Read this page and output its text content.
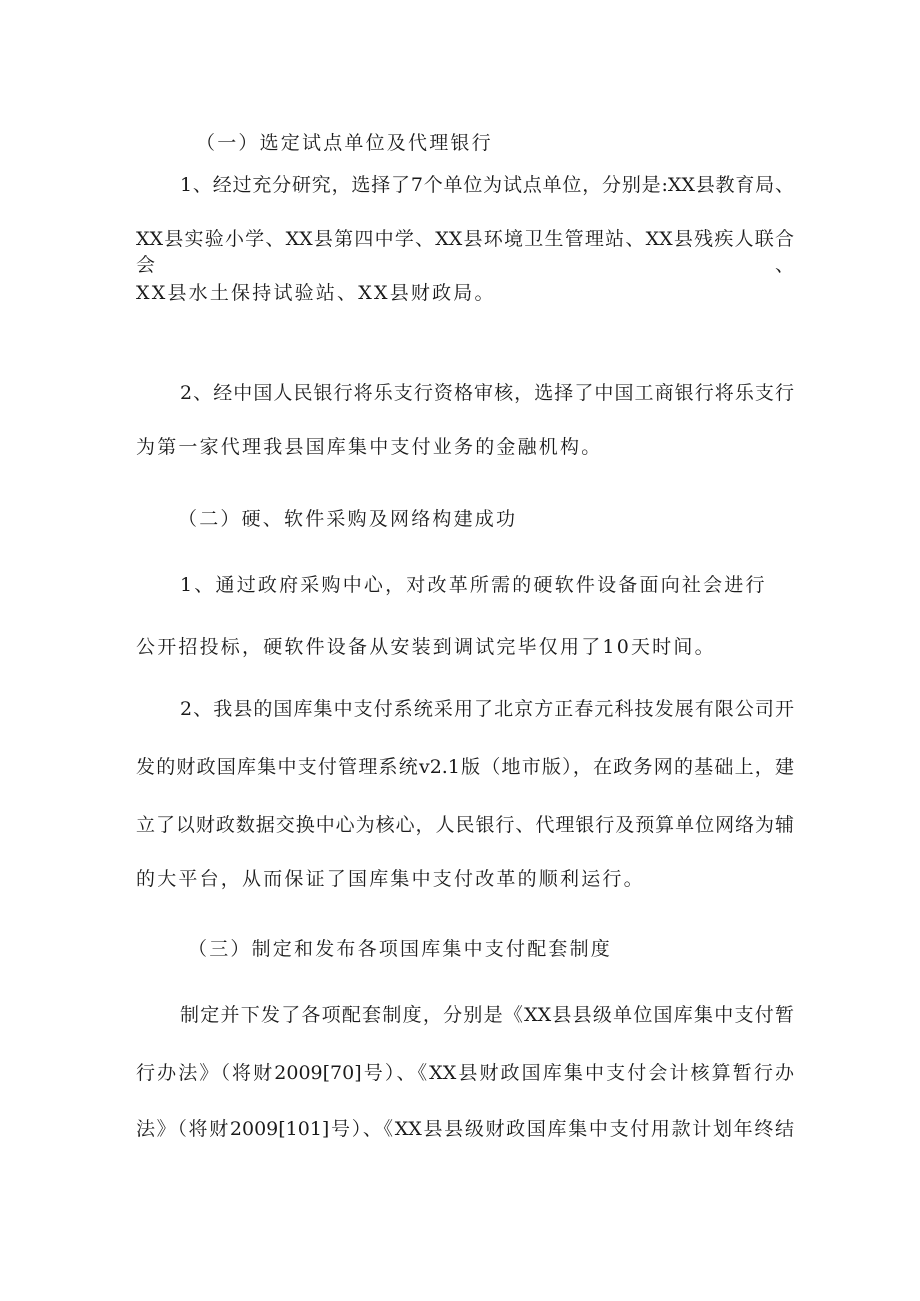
（一）选定试点单位及代理银行
1、经过充分研究，选择了7个单位为试点单位，分别是:XX县教育局、
XX县实验小学、XX县第四中学、XX县环境卫生管理站、XX县残疾人联合会、
XX县水土保持试验站、XX县财政局。
2、经中国人民银行将乐支行资格审核，选择了中国工商银行将乐支行
为第一家代理我县国库集中支付业务的金融机构。
（二）硬、软件采购及网络构建成功
1、通过政府采购中心，对改革所需的硬软件设备面向社会进行
公开招投标，硬软件设备从安装到调试完毕仅用了10天时间。
2、我县的国库集中支付系统采用了北京方正春元科技发展有限公司开
发的财政国库集中支付管理系统v2.1版（地市版），在政务网的基础上，建
立了以财政数据交换中心为核心，人民银行、代理银行及预算单位网络为辅
的大平台，从而保证了国库集中支付改革的顺利运行。
（三）制定和发布各项国库集中支付配套制度
制定并下发了各项配套制度，分别是《XX县县级单位国库集中支付暂
行办法》（将财2009[70]号）、《XX县财政国库集中支付会计核算暂行办
法》（将财2009[101]号）、《XX县县级财政国库集中支付用款计划年终结
